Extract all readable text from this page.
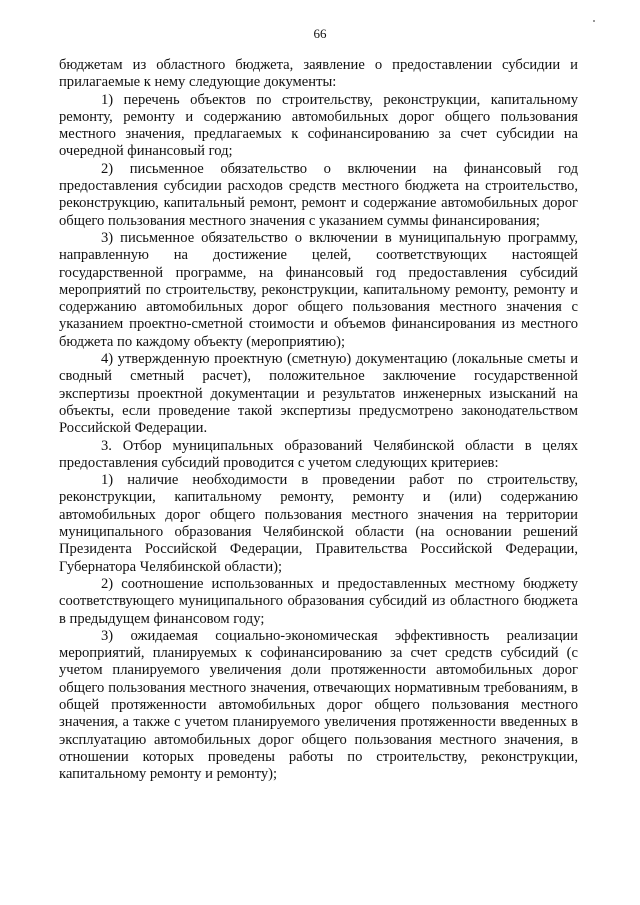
66

бюджетам из областного бюджета, заявление о предоставлении субсидии и прилагаемые к нему следующие документы:

1) перечень объектов по строительству, реконструкции, капитальному ремонту, ремонту и содержанию автомобильных дорог общего пользования местного значения, предлагаемых к софинансированию за счет субсидии на очередной финансовый год;

2) письменное обязательство о включении на финансовый год предоставления субсидии расходов средств местного бюджета на строительство, реконструкцию, капитальный ремонт, ремонт и содержание автомобильных дорог общего пользования местного значения с указанием суммы финансирования;

3) письменное обязательство о включении в муниципальную программу, направленную на достижение целей, соответствующих настоящей государственной программе, на финансовый год предоставления субсидий мероприятий по строительству, реконструкции, капитальному ремонту, ремонту и содержанию автомобильных дорог общего пользования местного значения с указанием проектно-сметной стоимости и объемов финансирования из местного бюджета по каждому объекту (мероприятию);

4) утвержденную проектную (сметную) документацию (локальные сметы и сводный сметный расчет), положительное заключение государственной экспертизы проектной документации и результатов инженерных изысканий на объекты, если проведение такой экспертизы предусмотрено законодательством Российской Федерации.

3. Отбор муниципальных образований Челябинской области в целях предоставления субсидий проводится с учетом следующих критериев:

1) наличие необходимости в проведении работ по строительству, реконструкции, капитальному ремонту, ремонту и (или) содержанию автомобильных дорог общего пользования местного значения на территории муниципального образования Челябинской области (на основании решений Президента Российской Федерации, Правительства Российской Федерации, Губернатора Челябинской области);

2) соотношение использованных и предоставленных местному бюджету соответствующего муниципального образования субсидий из областного бюджета в предыдущем финансовом году;

3) ожидаемая социально-экономическая эффективность реализации мероприятий, планируемых к софинансированию за счет средств субсидий (с учетом планируемого увеличения доли протяженности автомобильных дорог общего пользования местного значения, отвечающих нормативным требованиям, в общей протяженности автомобильных дорог общего пользования местного значения, а также с учетом планируемого увеличения протяженности введенных в эксплуатацию автомобильных дорог общего пользования местного значения, в отношении которых проведены работы по строительству, реконструкции, капитальному ремонту и ремонту);
